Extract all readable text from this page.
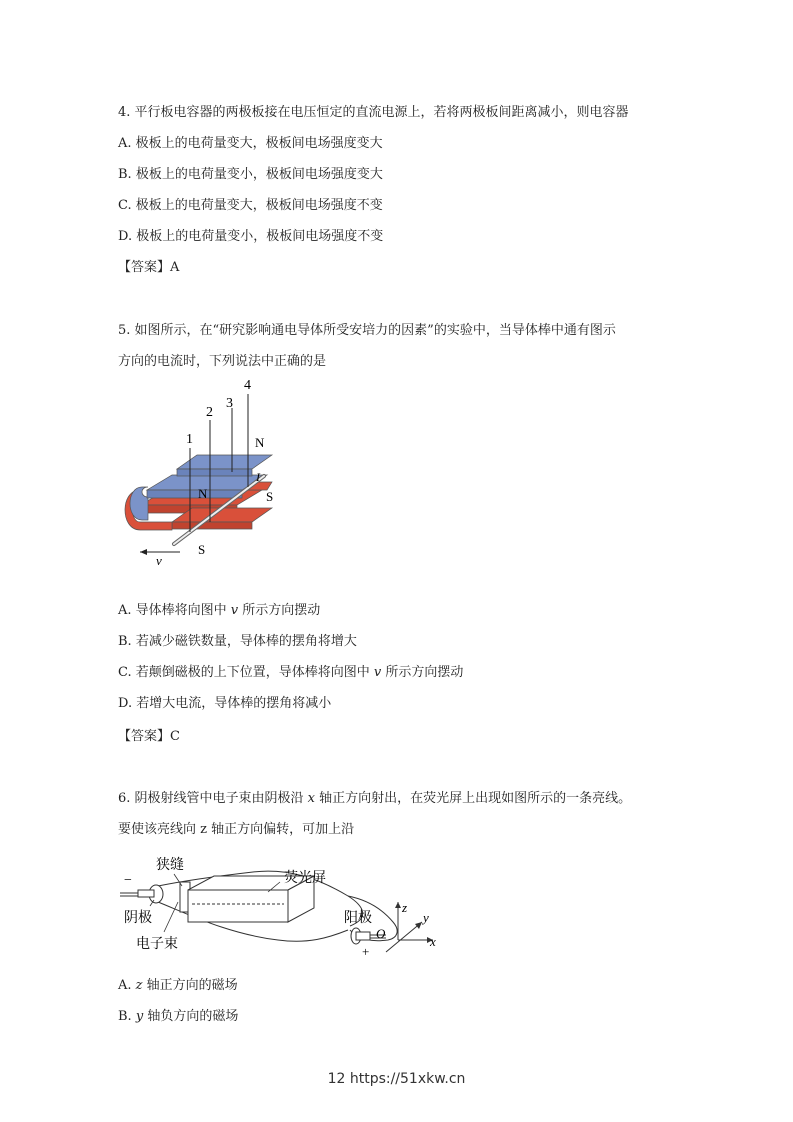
4. 平行板电容器的两极板接在电压恒定的直流电源上，若将两极板间距离减小，则电容器
A. 极板上的电荷量变大，极板间电场强度变大
B. 极板上的电荷量变小，极板间电场强度变大
C. 极板上的电荷量变大，极板间电场强度不变
D. 极板上的电荷量变小，极板间电场强度不变
【答案】A
5. 如图所示，在“研究影响通电导体所受安培力的因素”的实验中，当导体棒中通有图示
方向的电流时，下列说法中正确的是
1
2
3
4
N
N	S
S
I
v
A. 导体棒将向图中 v 所示方向摆动
B. 若减少磁铁数量，导体棒的摆角将增大
C. 若颠倒磁极的上下位置，导体棒将向图中 v 所示方向摆动
D. 若增大电流，导体棒的摆角将减小
【答案】C
6. 阴极射线管中电子束由阴极沿 x 轴正方向射出，在荧光屏上出现如图所示的一条亮线。
要使该亮线向 z 轴正方向偏转，可加上沿
狭缝
荧光屏
阴极	阳极
电子束
−
+
z
y
x
O
A. z 轴正方向的磁场
B. y 轴负方向的磁场
12 https://51xkw.cn
